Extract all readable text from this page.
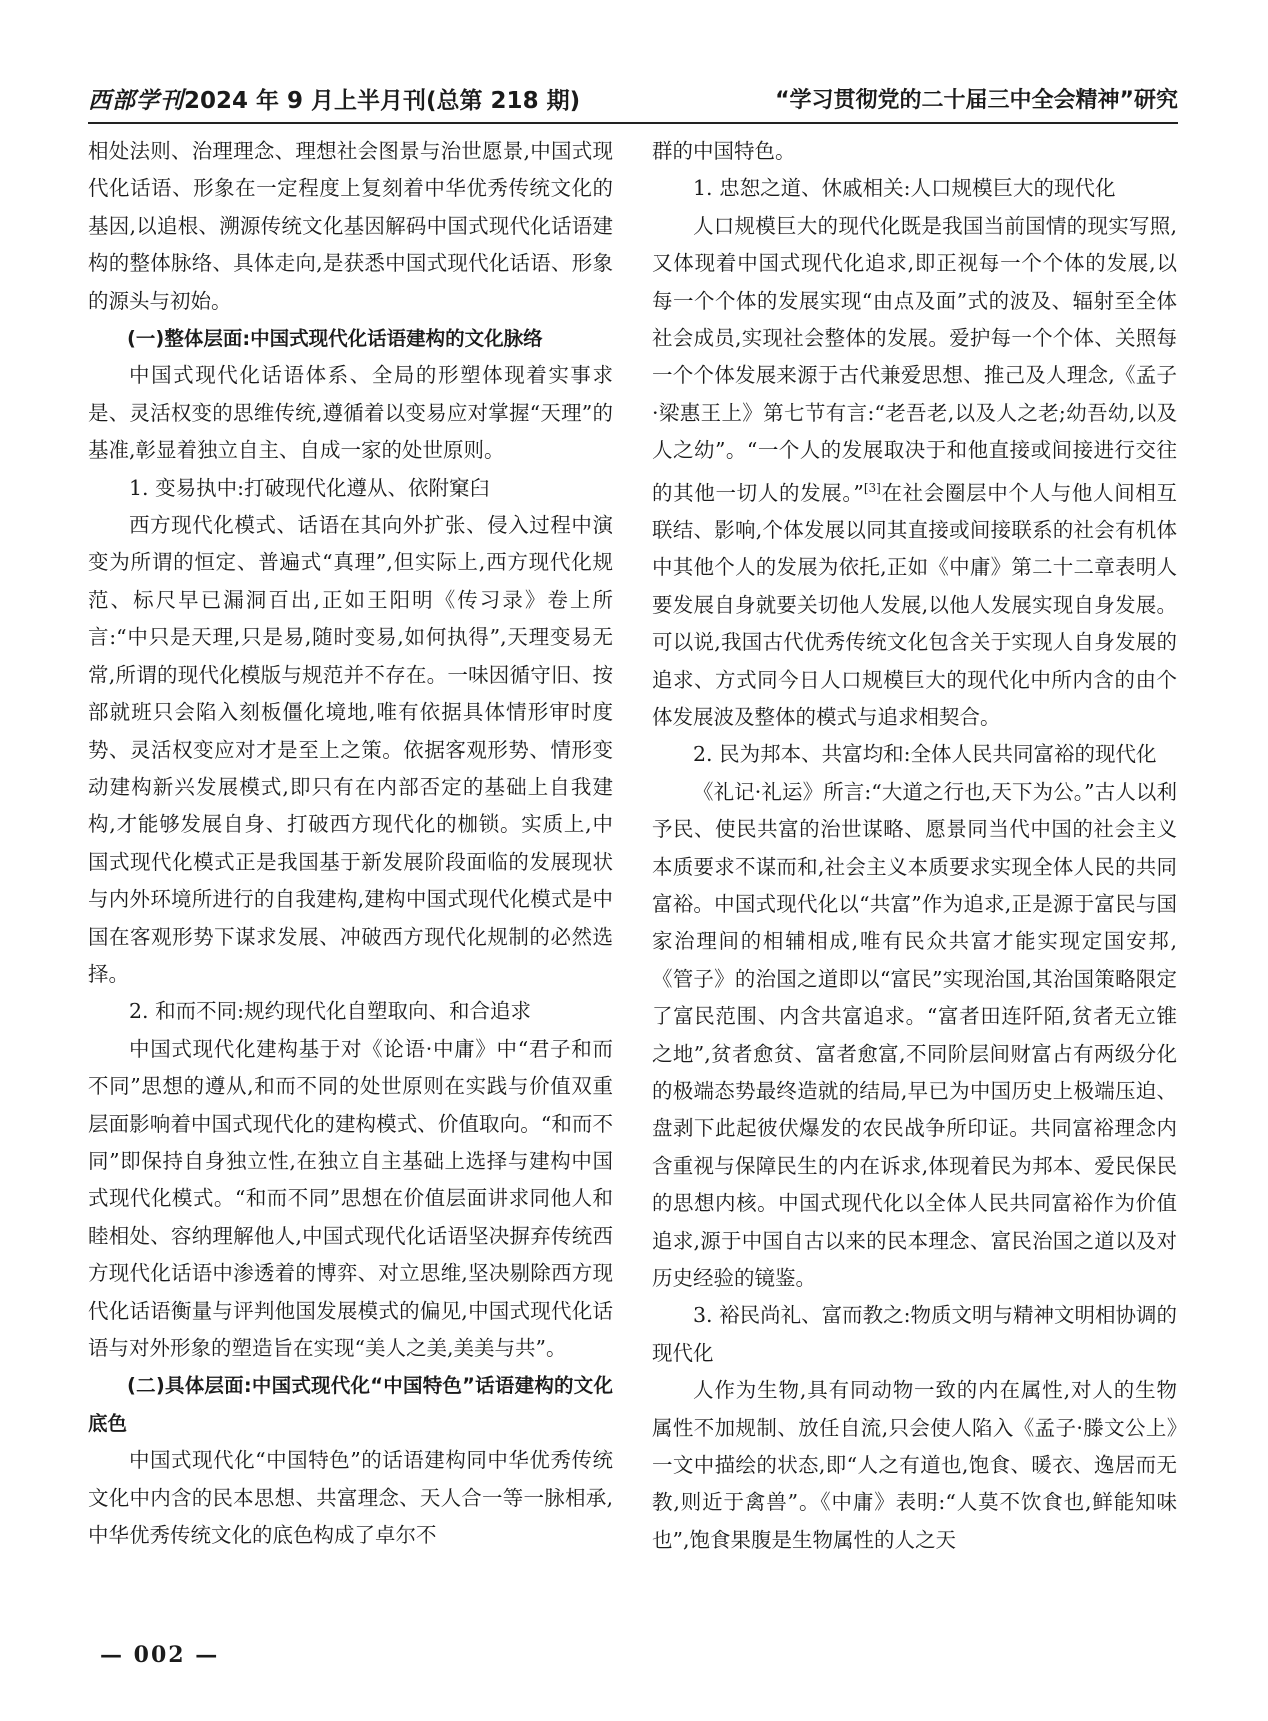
西部学刊2024 年 9 月上半月刊(总第 218 期)	“学习贯彻党的二十届三中全会精神”研究

相处法则、治理理念、理想社会图景与治世愿景,中国式现代化话语、形象在一定程度上复刻着中华优秀传统文化的基因,以追根、溯源传统文化基因解码中国式现代化话语建构的整体脉络、具体走向,是获悉中国式现代化话语、形象的源头与初始。

(一)整体层面:中国式现代化话语建构的文化脉络

中国式现代化话语体系、全局的形塑体现着实事求是、灵活权变的思维传统,遵循着以变易应对掌握“天理”的基准,彰显着独立自主、自成一家的处世原则。

1. 变易执中:打破现代化遵从、依附窠臼

西方现代化模式、话语在其向外扩张、侵入过程中演变为所谓的恒定、普遍式“真理”,但实际上,西方现代化规范、标尺早已漏洞百出,正如王阳明《传习录》卷上所言:“中只是天理,只是易,随时变易,如何执得”,天理变易无常,所谓的现代化模版与规范并不存在。一味因循守旧、按部就班只会陷入刻板僵化境地,唯有依据具体情形审时度势、灵活权变应对才是至上之策。依据客观形势、情形变动建构新兴发展模式,即只有在内部否定的基础上自我建构,才能够发展自身、打破西方现代化的枷锁。实质上,中国式现代化模式正是我国基于新发展阶段面临的发展现状与内外环境所进行的自我建构,建构中国式现代化模式是中国在客观形势下谋求发展、冲破西方现代化规制的必然选择。

2. 和而不同:规约现代化自塑取向、和合追求

中国式现代化建构基于对《论语·中庸》中“君子和而不同”思想的遵从,和而不同的处世原则在实践与价值双重层面影响着中国式现代化的建构模式、价值取向。“和而不同”即保持自身独立性,在独立自主基础上选择与建构中国式现代化模式。“和而不同”思想在价值层面讲求同他人和睦相处、容纳理解他人,中国式现代化话语坚决摒弃传统西方现代化话语中渗透着的博弈、对立思维,坚决剔除西方现代化话语衡量与评判他国发展模式的偏见,中国式现代化话语与对外形象的塑造旨在实现“美人之美,美美与共”。

(二)具体层面:中国式现代化“中国特色”话语建构的文化底色

中国式现代化“中国特色”的话语建构同中华优秀传统文化中内含的民本思想、共富理念、天人合一等一脉相承,中华优秀传统文化的底色构成了卓尔不

群的中国特色。

1. 忠恕之道、休戚相关:人口规模巨大的现代化

人口规模巨大的现代化既是我国当前国情的现实写照,又体现着中国式现代化追求,即正视每一个个体的发展,以每一个个体的发展实现“由点及面”式的波及、辐射至全体社会成员,实现社会整体的发展。爱护每一个个体、关照每一个个体发展来源于古代兼爱思想、推己及人理念,《孟子·梁惠王上》第七节有言:“老吾老,以及人之老;幼吾幼,以及人之幼”。“一个人的发展取决于和他直接或间接进行交往的其他一切人的发展。”[3]在社会圈层中个人与他人间相互联结、影响,个体发展以同其直接或间接联系的社会有机体中其他个人的发展为依托,正如《中庸》第二十二章表明人要发展自身就要关切他人发展,以他人发展实现自身发展。可以说,我国古代优秀传统文化包含关于实现人自身发展的追求、方式同今日人口规模巨大的现代化中所内含的由个体发展波及整体的模式与追求相契合。

2. 民为邦本、共富均和:全体人民共同富裕的现代化

《礼记·礼运》所言:“大道之行也,天下为公。”古人以利予民、使民共富的治世谋略、愿景同当代中国的社会主义本质要求不谋而和,社会主义本质要求实现全体人民的共同富裕。中国式现代化以“共富”作为追求,正是源于富民与国家治理间的相辅相成,唯有民众共富才能实现定国安邦,《管子》的治国之道即以“富民”实现治国,其治国策略限定了富民范围、内含共富追求。“富者田连阡陌,贫者无立锥之地”,贫者愈贫、富者愈富,不同阶层间财富占有两级分化的极端态势最终造就的结局,早已为中国历史上极端压迫、盘剥下此起彼伏爆发的农民战争所印证。共同富裕理念内含重视与保障民生的内在诉求,体现着民为邦本、爱民保民的思想内核。中国式现代化以全体人民共同富裕作为价值追求,源于中国自古以来的民本理念、富民治国之道以及对历史经验的镜鉴。

3. 裕民尚礼、富而教之:物质文明与精神文明相协调的现代化

人作为生物,具有同动物一致的内在属性,对人的生物属性不加规制、放任自流,只会使人陷入《孟子·滕文公上》一文中描绘的状态,即“人之有道也,饱食、暖衣、逸居而无教,则近于禽兽”。《中庸》表明:“人莫不饮食也,鲜能知味也”,饱食果腹是生物属性的人之天

— 002 —
